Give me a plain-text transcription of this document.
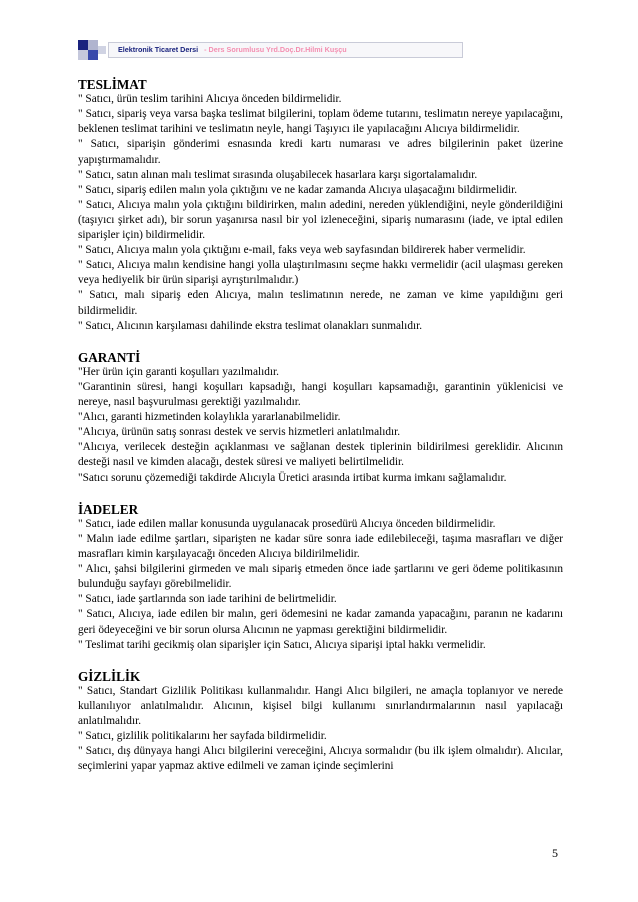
Elektronik Ticaret Dersi - Ders Sorumlusu Yrd.Doç.Dr.Hilmi Kuşçu

TESLİMAT

" Satıcı, ürün teslim tarihini Alıcıya önceden bildirmelidir.

" Satıcı, sipariş veya varsa başka teslimat bilgilerini, toplam ödeme tutarını, teslimatın nereye yapılacağını, beklenen teslimat tarihini ve teslimatın neyle, hangi Taşıyıcı ile yapılacağını Alıcıya bildirmelidir.

" Satıcı, siparişin gönderimi esnasında kredi kartı numarası ve adres bilgilerinin paket üzerine yapıştırmamalıdır.

" Satıcı, satın alınan malı teslimat sırasında oluşabilecek hasarlara karşı sigortalamalıdır.

" Satıcı, sipariş edilen malın yola çıktığını ve ne kadar zamanda Alıcıya ulaşacağını bildirmelidir.

" Satıcı, Alıcıya malın yola çıktığını bildirirken, malın adedini, nereden yüklendiğini, neyle gönderildiğini (taşıyıcı şirket adı), bir sorun yaşanırsa nasıl bir yol izleneceğini, sipariş numarasını (iade, ve iptal edilen siparişler için) bildirmelidir.

" Satıcı, Alıcıya malın yola çıktığını e-mail, faks veya web sayfasından bildirerek haber vermelidir.

" Satıcı, Alıcıya malın kendisine hangi yolla ulaştırılmasını seçme hakkı vermelidir (acil ulaşması gereken veya hediyelik bir ürün siparişi ayrıştırılmalıdır.)

" Satıcı, malı sipariş eden Alıcıya, malın teslimatının nerede, ne zaman ve kime yapıldığını geri bildirmelidir.

" Satıcı, Alıcının karşılaması dahilinde ekstra teslimat olanakları sunmalıdır.

GARANTİ

"Her ürün için garanti koşulları yazılmalıdır.

"Garantinin süresi, hangi koşulları kapsadığı, hangi koşulları kapsamadığı, garantinin yüklenicisi ve nereye, nasıl başvurulması gerektiği yazılmalıdır.

"Alıcı, garanti hizmetinden kolaylıkla yararlanabilmelidir.

"Alıcıya, ürünün satış sonrası destek ve servis hizmetleri anlatılmalıdır.

"Alıcıya, verilecek desteğin açıklanması ve sağlanan destek tiplerinin bildirilmesi gereklidir. Alıcının desteği nasıl ve kimden alacağı, destek süresi ve maliyeti belirtilmelidir.

"Satıcı sorunu çözemediği takdirde Alıcıyla Üretici arasında irtibat kurma imkanı sağlamalıdır.

İADELER

" Satıcı, iade edilen mallar konusunda uygulanacak prosedürü Alıcıya önceden bildirmelidir.

" Malın iade edilme şartları, siparişten ne kadar süre sonra iade edilebileceği, taşıma masrafları ve diğer masrafları kimin karşılayacağı önceden Alıcıya bildirilmelidir.

" Alıcı, şahsi bilgilerini girmeden ve malı sipariş etmeden önce iade şartlarını ve geri ödeme politikasının bulunduğu sayfayı görebilmelidir.

" Satıcı, iade şartlarında son iade tarihini de belirtmelidir.

" Satıcı, Alıcıya, iade edilen bir malın, geri ödemesini ne kadar zamanda yapacağını, paranın ne kadarını geri ödeyeceğini ve bir sorun olursa Alıcının ne yapması gerektiğini bildirmelidir.

" Teslimat tarihi gecikmiş olan siparişler için Satıcı, Alıcıya siparişi iptal hakkı vermelidir.

GİZLİLİK

" Satıcı, Standart Gizlilik Politikası kullanmalıdır. Hangi Alıcı bilgileri, ne amaçla toplanıyor ve nerede kullanılıyor anlatılmalıdır. Alıcının, kişisel bilgi kullanımı sınırlandırmalarının nasıl yapılacağı anlatılmalıdır.

" Satıcı, gizlilik politikalarını her sayfada bildirmelidir.

" Satıcı, dış dünyaya hangi Alıcı bilgilerini vereceğini, Alıcıya sormalıdır (bu ilk işlem olmalıdır). Alıcılar, seçimlerini yapar yapmaz aktive edilmeli ve zaman içinde seçimlerini

5
